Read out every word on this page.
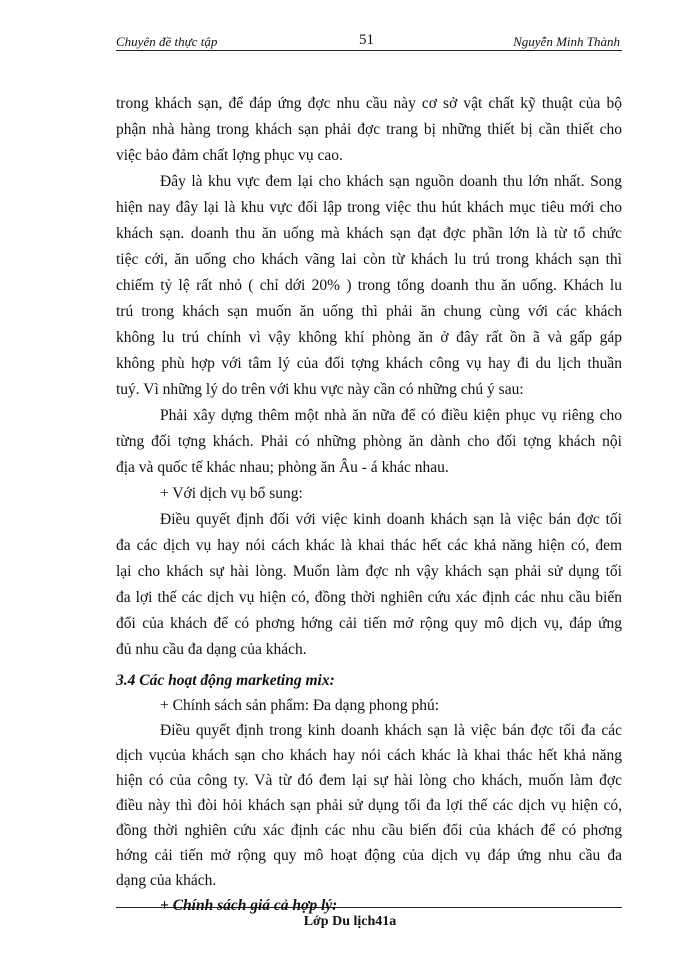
Chuyên đề thực tập	51	Nguyễn Minh Thành
trong khách sạn, để đáp ứng đợc nhu cầu này cơ sở vật chất kỹ thuật của bộ
phận nhà hàng trong khách sạn phải đợc trang bị những thiết bị cần thiết cho
việc bảo đảm chất lợng phục vụ cao.
Đây là khu vực đem lại cho khách sạn nguồn doanh thu lớn nhất. Song
hiện nay đây lại là khu vực đối lập trong việc thu hút khách mục tiêu mới cho
khách sạn. doanh thu ăn uống mà khách sạn đạt đợc phần lớn là từ tổ chức
tiệc cới, ăn uống cho khách vãng lai còn từ khách lu trú trong khách sạn thì
chiếm tỷ lệ rất nhỏ ( chỉ dới 20% ) trong tổng doanh thu ăn uống. Khách lu
trú trong khách sạn muốn ăn uống thì phải ăn chung cùng với các khách
không lu trú chính vì vậy không khí phòng ăn ở đây rất ồn ã và gấp gáp
không phù hợp với tâm lý của đối tợng khách công vụ hay đi du lịch thuần
tuý. Vì những lý do trên với khu vực này cần có những chú ý sau:
Phải xây dựng thêm một nhà ăn nữa để có điều kiện phục vụ riêng cho
từng đối tợng khách. Phải có những phòng ăn dành cho đối tợng khách nội
địa và quốc tế khác nhau; phòng ăn Âu - á khác nhau.
+ Với dịch vụ bổ sung:
Điều quyết định đối với việc kinh doanh khách sạn là việc bán đợc tối
đa các dịch vụ hay nói cách khác là khai thác hết các khả năng hiện có, đem
lại cho khách sự hài lòng. Muốn làm đợc nh vậy khách sạn phải sử dụng tối
đa lợi thế các dịch vụ hiện có, đồng thời nghiên cứu xác định các nhu cầu biến
đổi của khách để có phơng hớng cải tiến mở rộng quy mô dịch vụ, đáp ứng
đủ nhu cầu đa dạng của khách.
3.4 Các hoạt động marketing mix:
+ Chính sách sản phẩm: Đa dạng phong phú:
Điều quyết định trong kinh doanh khách sạn là việc bán đợc tối đa các
dịch vụcủa khách sạn cho khách hay nói cách khác là khai thác hết khả năng
hiện có của công ty. Và từ đó đem lại sự hài lòng cho khách, muốn làm đợc
điều này thì đòi hỏi khách sạn phải sử dụng tối đa lợi thế các dịch vụ hiện có,
đồng thời nghiên cứu xác định các nhu cầu biến đổi của khách để có phơng
hớng cải tiến mở rộng quy mô hoạt động của dịch vụ đáp ứng nhu cầu đa
dạng của khách.
Lớp Du lịch41a
+ Chính sách giá cả hợp lý:
